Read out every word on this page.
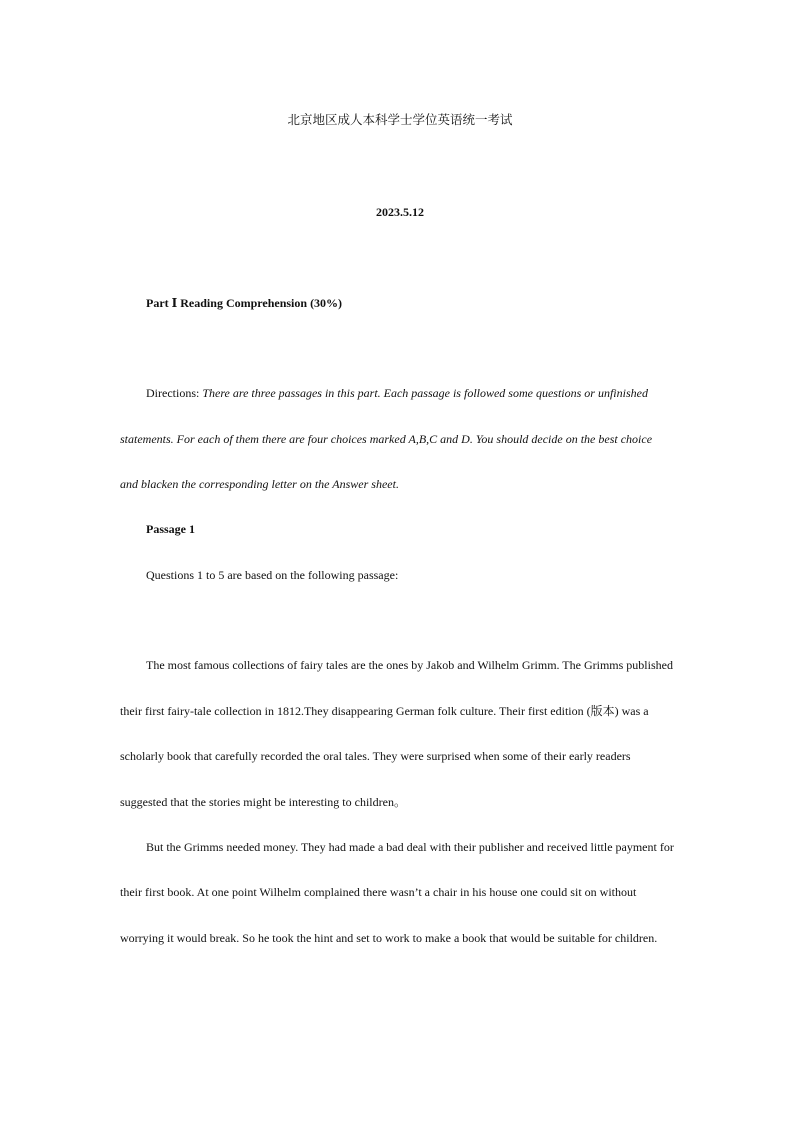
北京地区成人本科学士学位英语统一考试
2023.5.12
Part Ⅰ Reading Comprehension (30%)
Directions: There are three passages in this part. Each passage is followed some questions or unfinished
statements. For each of them there are four choices marked A,B,C and D. You should decide on the best choice
and blacken the corresponding letter on the Answer sheet.
Passage 1
Questions 1 to 5 are based on the following passage:
The most famous collections of fairy tales are the ones by Jakob and Wilhelm Grimm. The Grimms published
their first fairy-tale collection in 1812.They disappearing German folk culture. Their first edition (版本) was a
scholarly book that carefully recorded the oral tales. They were surprised when some of their early readers
suggested that the stories might be interesting to children。
But the Grimms needed money. They had made a bad deal with their publisher and received little payment for
their first book. At one point Wilhelm complained there wasn’t a chair in his house one could sit on without
worrying it would break. So he took the hint and set to work to make a book that would be suitable for children.
